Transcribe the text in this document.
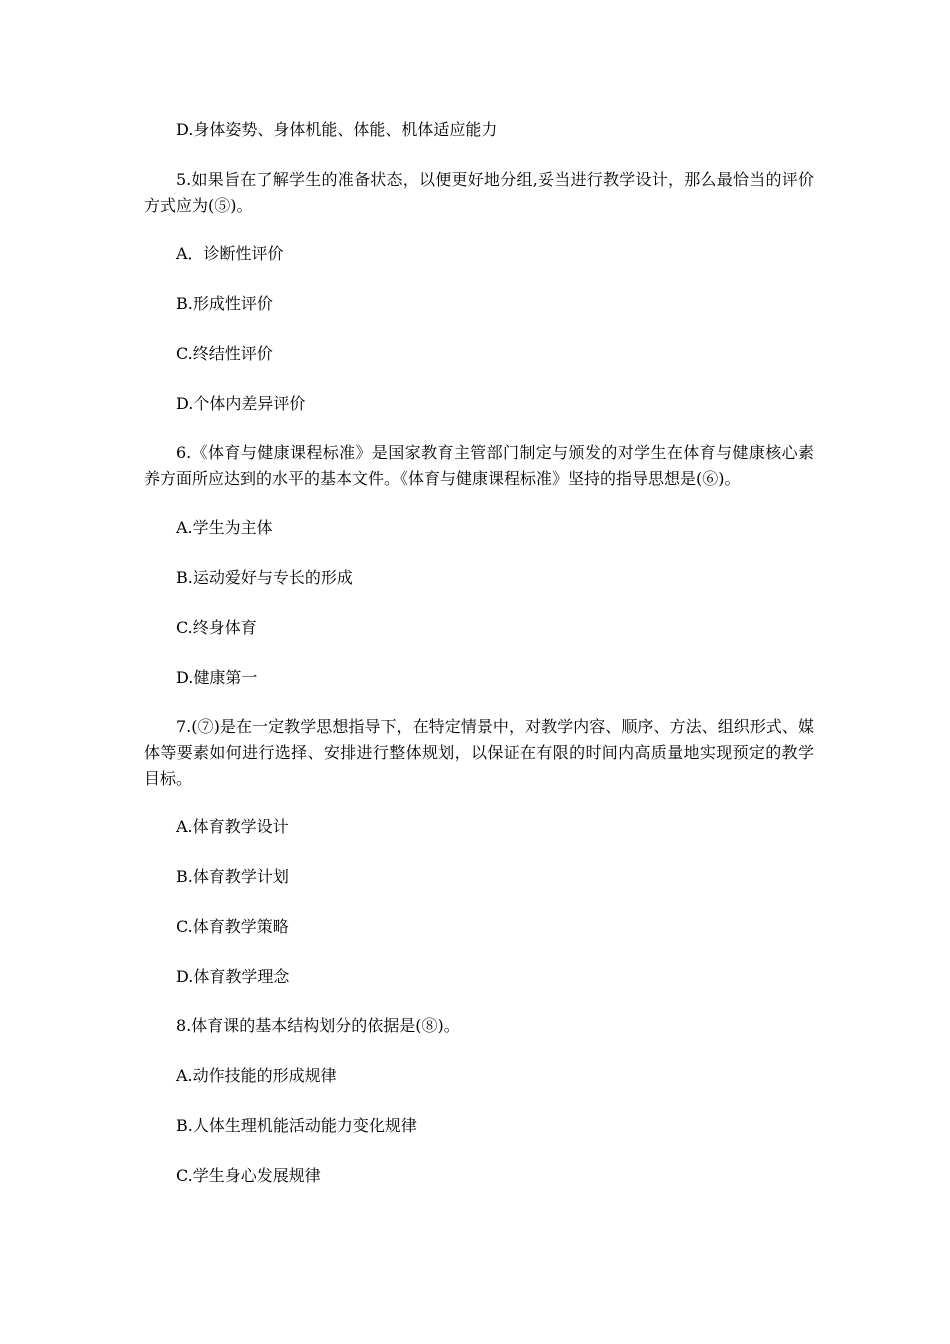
D.身体姿势、身体机能、体能、机体适应能力
5.如果旨在了解学生的准备状态，以便更好地分组,妥当进行教学设计，那么最恰当的评价方式应为(⑤)。
A．诊断性评价
B.形成性评价
C.终结性评价
D.个体内差异评价
6.《体育与健康课程标准》是国家教育主管部门制定与颁发的对学生在体育与健康核心素养方面所应达到的水平的基本文件。《体育与健康课程标准》坚持的指导思想是(⑥)。
A.学生为主体
B.运动爱好与专长的形成
C.终身体育
D.健康第一
7.(⑦)是在一定教学思想指导下，在特定情景中，对教学内容、顺序、方法、组织形式、媒体等要素如何进行选择、安排进行整体规划，以保证在有限的时间内高质量地实现预定的教学目标。
A.体育教学设计
B.体育教学计划
C.体育教学策略
D.体育教学理念
8.体育课的基本结构划分的依据是(⑧)。
A.动作技能的形成规律
B.人体生理机能活动能力变化规律
C.学生身心发展规律
